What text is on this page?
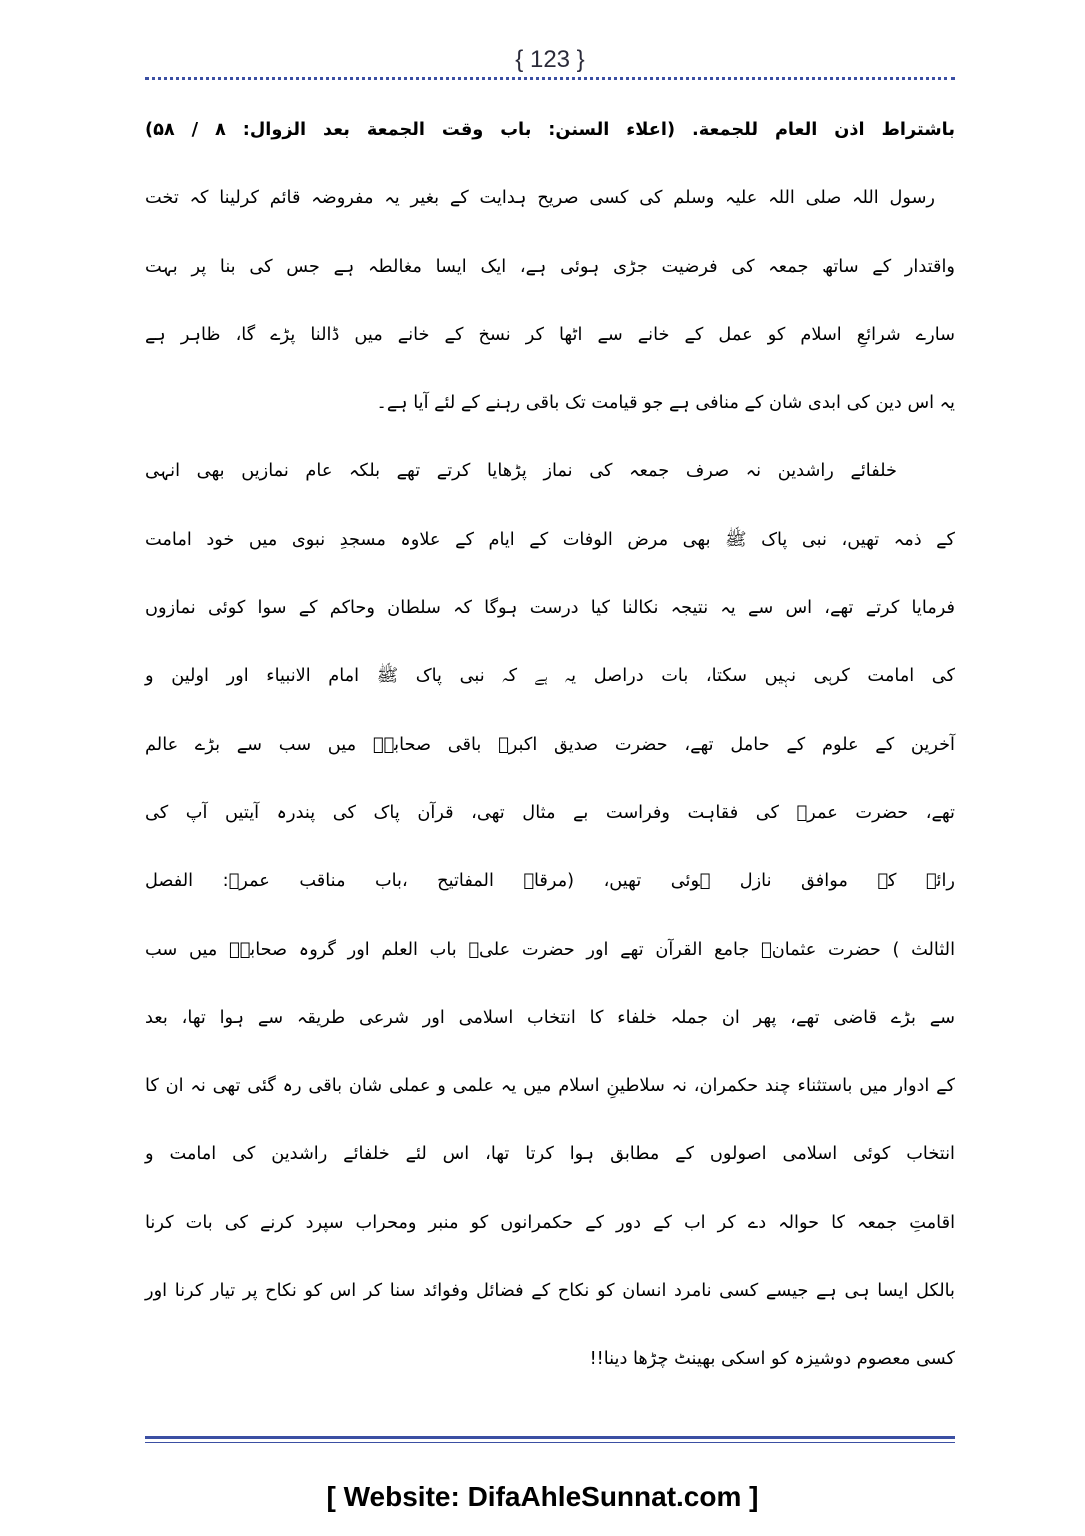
{ 123 }
باشتراط اذن العام للجمعة. (اعلاء السنن: باب وقت الجمعة بعد الزوال: ۸ / ۵۸)
رسول اللہ صلی اللہ علیہ وسلم کی کسی صریح ہدایت کے بغیر یہ مفروضہ قائم کرلینا کہ تخت
واقتدار کے ساتھ جمعہ کی فرضیت جڑی ہوئی ہے، ایک ایسا مغالطہ ہے جس کی بنا پر بہت
سارے شرائعِ اسلام کو عمل کے خانے سے اٹھا کر نسخ کے خانے میں ڈالنا پڑے گا، ظاہر ہے
یہ اس دین کی ابدی شان کے منافی ہے جو قیامت تک باقی رہنے کے لئے آیا ہے۔
خلفائے راشدین نہ صرف جمعہ کی نماز پڑھایا کرتے تھے بلکہ عام نمازیں بھی انہی
کے ذمہ تھیں، نبی پاک ﷺ بھی مرض الوفات کے ایام کے علاوہ مسجدِ نبوی میں خود امامت
فرمایا کرتے تھے، اس سے یہ نتیجہ نکالنا کیا درست ہوگا کہ سلطان وحاکم کے سوا کوئی نمازوں
کی امامت کرہی نہیں سکتا، بات دراصل یہ ہے کہ نبی پاک ﷺ امام الانبیاء اور اولین و
آخرین کے علوم کے حامل تھے، حضرت صدیق اکبرؓ باقی صحابہؓ میں سب سے بڑے عالم
تھے، حضرت عمرؓ کی فقاہت وفراست بے مثال تھی، قرآن پاک کی پندرہ آیتیں آپ کی
رائے کے موافق نازل ہوئی تھیں، (مرقاۃ المفاتیح ،باب مناقب عمرؓ: الفصل
الثالث ) حضرت عثمانؓ جامع القرآن تھے اور حضرت علیؓ باب العلم اور گروہ صحابہؓ میں سب
سے بڑے قاضی تھے، پھر ان جملہ خلفاء کا انتخاب اسلامی اور شرعی طریقہ سے ہوا تھا، بعد
کے ادوار میں باستثناء چند حکمران، نہ سلاطینِ اسلام میں یہ علمی و عملی شان باقی رہ گئی تھی نہ ان کا
انتخاب کوئی اسلامی اصولوں کے مطابق ہوا کرتا تھا، اس لئے خلفائے راشدین کی امامت و
اقامتِ جمعہ کا حوالہ دے کر اب کے دور کے حکمرانوں کو منبر ومحراب سپرد کرنے کی بات کرنا
بالکل ایسا ہی ہے جیسے کسی نامرد انسان کو نکاح کے فضائل وفوائد سنا کر اس کو نکاح پر تیار کرنا اور
کسی معصوم دوشیزہ کو اسکی بھینٹ چڑھا دینا!!
[ Website: DifaAhleSunnat.com ]
